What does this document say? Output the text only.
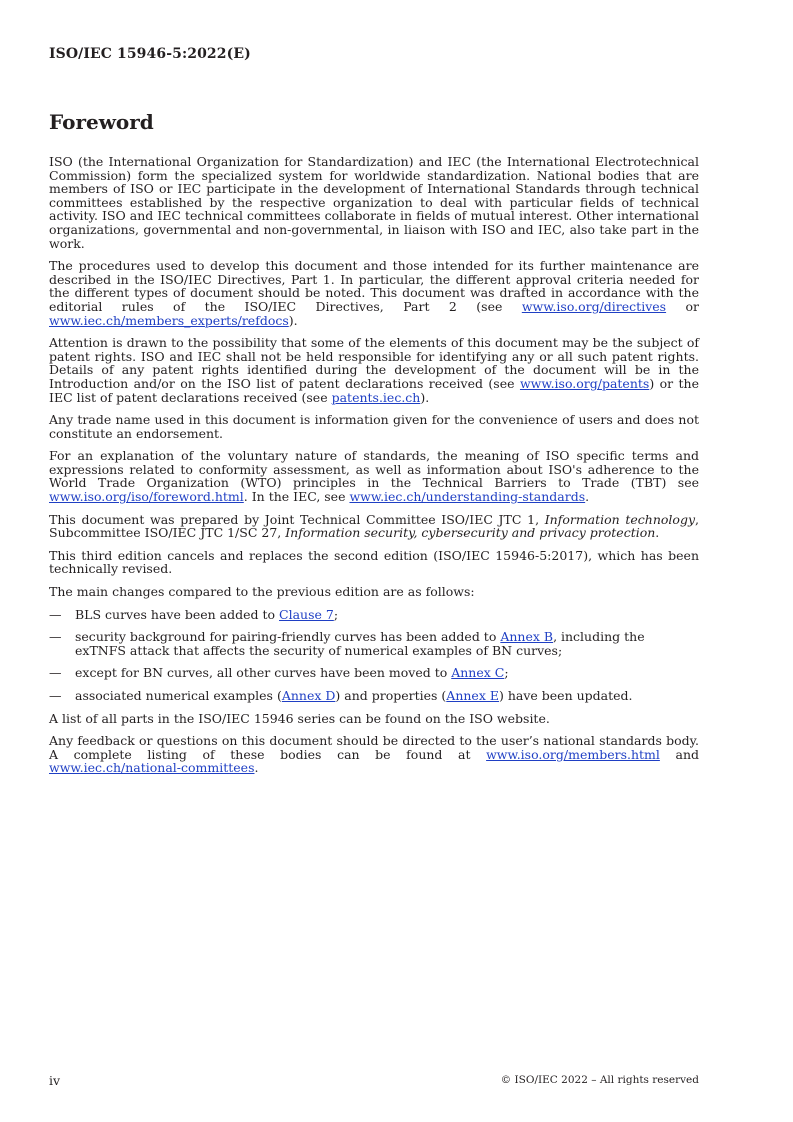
ISO/IEC 15946-5:2022(E)
Foreword

ISO (the International Organization for Standardization) and IEC (the International Electrotechnical Commission) form the specialized system for worldwide standardization. National bodies that are members of ISO or IEC participate in the development of International Standards through technical committees established by the respective organization to deal with particular fields of technical activity. ISO and IEC technical committees collaborate in fields of mutual interest. Other international organizations, governmental and non-governmental, in liaison with ISO and IEC, also take part in the work.

The procedures used to develop this document and those intended for its further maintenance are described in the ISO/IEC Directives, Part 1. In particular, the different approval criteria needed for the different types of document should be noted. This document was drafted in accordance with the editorial rules of the ISO/IEC Directives, Part 2 (see www.iso.org/directives or www.iec.ch/members_experts/refdocs).

Attention is drawn to the possibility that some of the elements of this document may be the subject of patent rights. ISO and IEC shall not be held responsible for identifying any or all such patent rights. Details of any patent rights identified during the development of the document will be in the Introduction and/or on the ISO list of patent declarations received (see www.iso.org/patents) or the IEC list of patent declarations received (see patents.iec.ch).

Any trade name used in this document is information given for the convenience of users and does not constitute an endorsement.

For an explanation of the voluntary nature of standards, the meaning of ISO specific terms and expressions related to conformity assessment, as well as information about ISO's adherence to the World Trade Organization (WTO) principles in the Technical Barriers to Trade (TBT) see www.iso.org/iso/foreword.html. In the IEC, see www.iec.ch/understanding-standards.

This document was prepared by Joint Technical Committee ISO/IEC JTC 1, Information technology, Subcommittee ISO/IEC JTC 1/SC 27, Information security, cybersecurity and privacy protection.

This third edition cancels and replaces the second edition (ISO/IEC 15946-5:2017), which has been technically revised.

The main changes compared to the previous edition are as follows:

— BLS curves have been added to Clause 7;
— security background for pairing-friendly curves has been added to Annex B, including the exTNFS attack that affects the security of numerical examples of BN curves;
— except for BN curves, all other curves have been moved to Annex C;
— associated numerical examples (Annex D) and properties (Annex E) have been updated.

A list of all parts in the ISO/IEC 15946 series can be found on the ISO website.

Any feedback or questions on this document should be directed to the user’s national standards body. A complete listing of these bodies can be found at www.iso.org/members.html and www.iec.ch/national-committees.

iv	© ISO/IEC 2022 – All rights reserved
